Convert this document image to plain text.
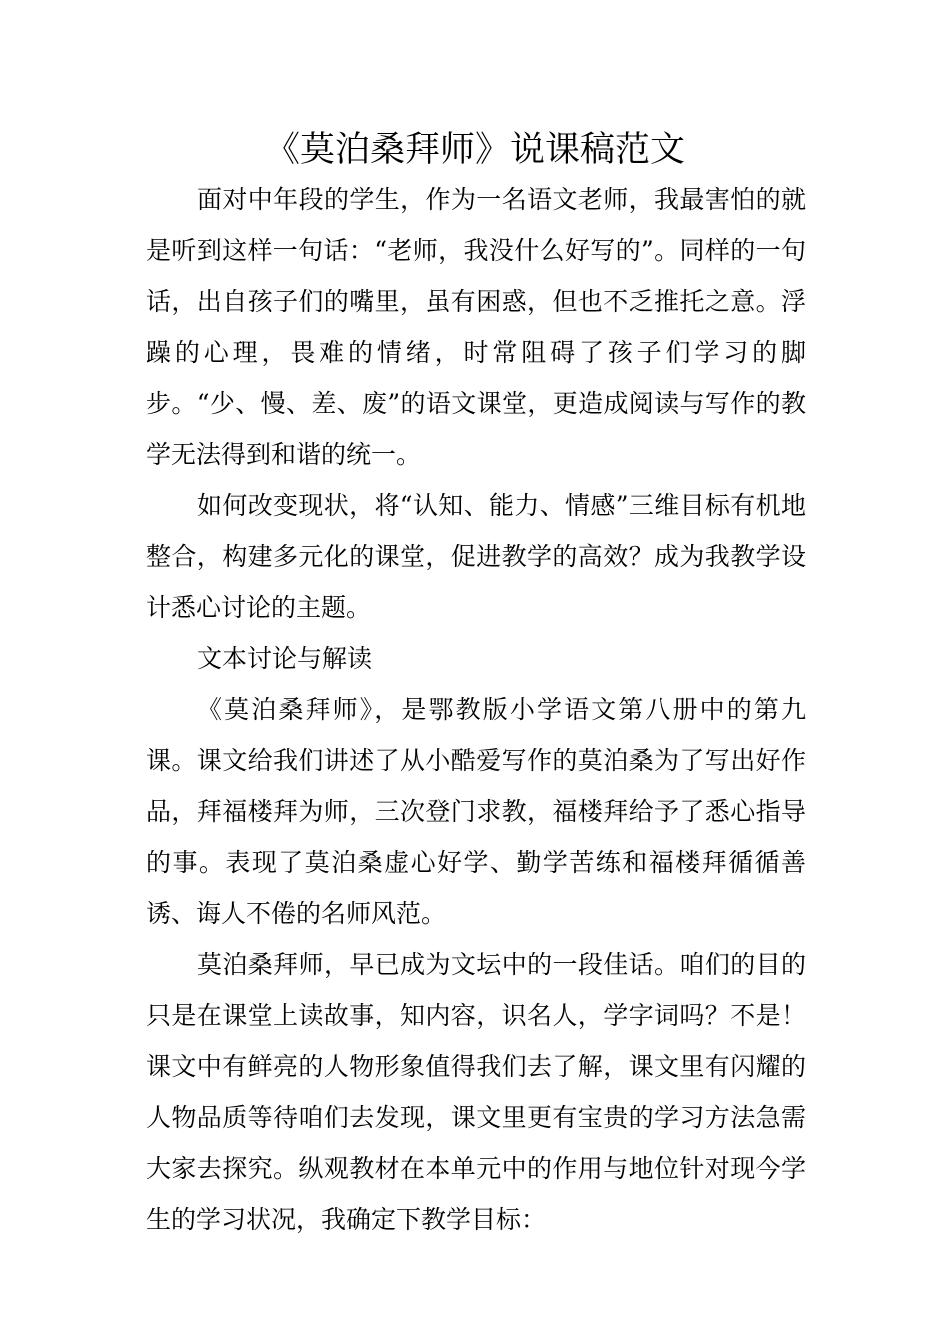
《莫泊桑拜师》说课稿范文

面对中年段的学生，作为一名语文老师，我最害怕的就是听到这样一句话：“老师，我没什么好写的”。同样的一句话，出自孩子们的嘴里，虽有困惑，但也不乏推托之意。浮躁的心理，畏难的情绪，时常阻碍了孩子们学习的脚步。“少、慢、差、废”的语文课堂，更造成阅读与写作的教学无法得到和谐的统一。

如何改变现状，将“认知、能力、情感”三维目标有机地整合，构建多元化的课堂，促进教学的高效？成为我教学设计悉心讨论的主题。

文本讨论与解读

《莫泊桑拜师》，是鄂教版小学语文第八册中的第九课。课文给我们讲述了从小酷爱写作的莫泊桑为了写出好作品，拜福楼拜为师，三次登门求教，福楼拜给予了悉心指导的事。表现了莫泊桑虚心好学、勤学苦练和福楼拜循循善诱、诲人不倦的名师风范。

莫泊桑拜师，早已成为文坛中的一段佳话。咱们的目的只是在课堂上读故事，知内容，识名人，学字词吗？不是！课文中有鲜亮的人物形象值得我们去了解，课文里有闪耀的人物品质等待咱们去发现，课文里更有宝贵的学习方法急需大家去探究。纵观教材在本单元中的作用与地位针对现今学生的学习状况，我确定下教学目标：
